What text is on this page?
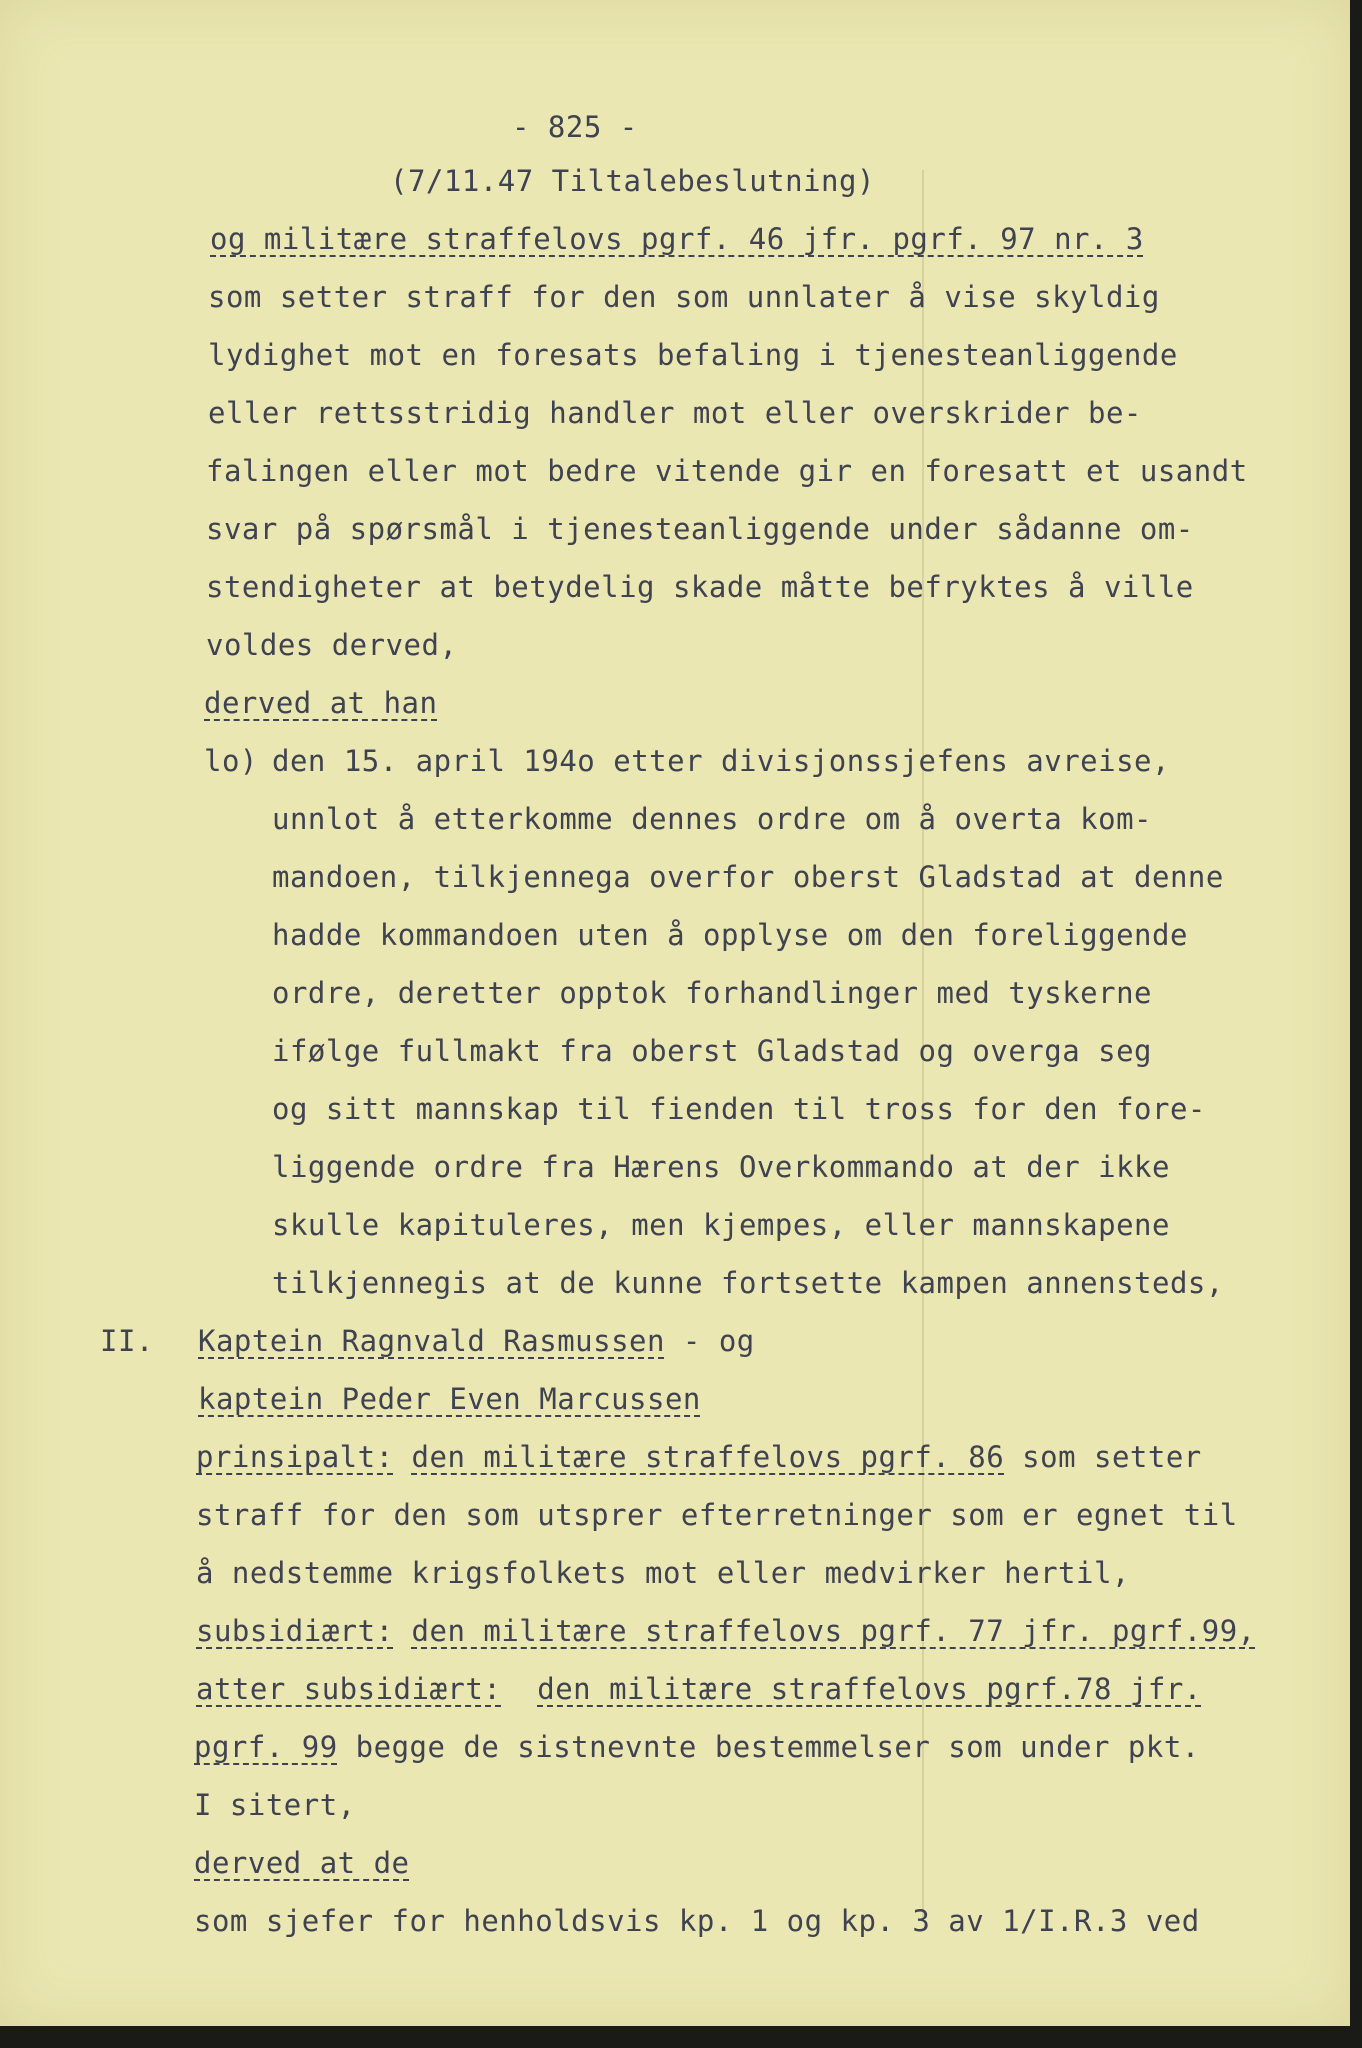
- 825 -
(7/11.47 Tiltalebeslutning)
og militære straffelovs pgrf. 46 jfr. pgrf. 97 nr. 3
som setter straff for den som unnlater å vise skyldig
lydighet mot en foresats befaling i tjenesteanliggende
eller rettsstridig handler mot eller overskrider be-
falingen eller mot bedre vitende gir en foresatt et usandt
svar på spørsmål i tjenesteanliggende under sådanne om-
stendigheter at betydelig skade måtte befryktes å ville
voldes derved,
derved at han
lo) den 15. april 194o etter divisjonssjefens avreise,
unnlot å etterkomme dennes ordre om å overta kom-
mandoen, tilkjennega overfor oberst Gladstad at denne
hadde kommandoen uten å opplyse om den foreliggende
ordre, deretter opptok forhandlinger med tyskerne
ifølge fullmakt fra oberst Gladstad og overga seg
og sitt mannskap til fienden til tross for den fore-
liggende ordre fra Hærens Overkommando at der ikke
skulle kapituleres, men kjempes, eller mannskapene
tilkjennegis at de kunne fortsette kampen annensteds,
II. Kaptein Ragnvald Rasmussen - og
kaptein Peder Even Marcussen
prinsipalt: den militære straffelovs pgrf. 86 som setter
straff for den som utsprer efterretninger som er egnet til
å nedstemme krigsfolkets mot eller medvirker hertil,
subsidiært: den militære straffelovs pgrf. 77 jfr. pgrf.99,
atter subsidiært: den militære straffelovs pgrf.78 jfr.
pgrf. 99 begge de sistnevnte bestemmelser som under pkt.
I sitert,
derved at de
som sjefer for henholdsvis kp. 1 og kp. 3 av 1/I.R.3 ved
